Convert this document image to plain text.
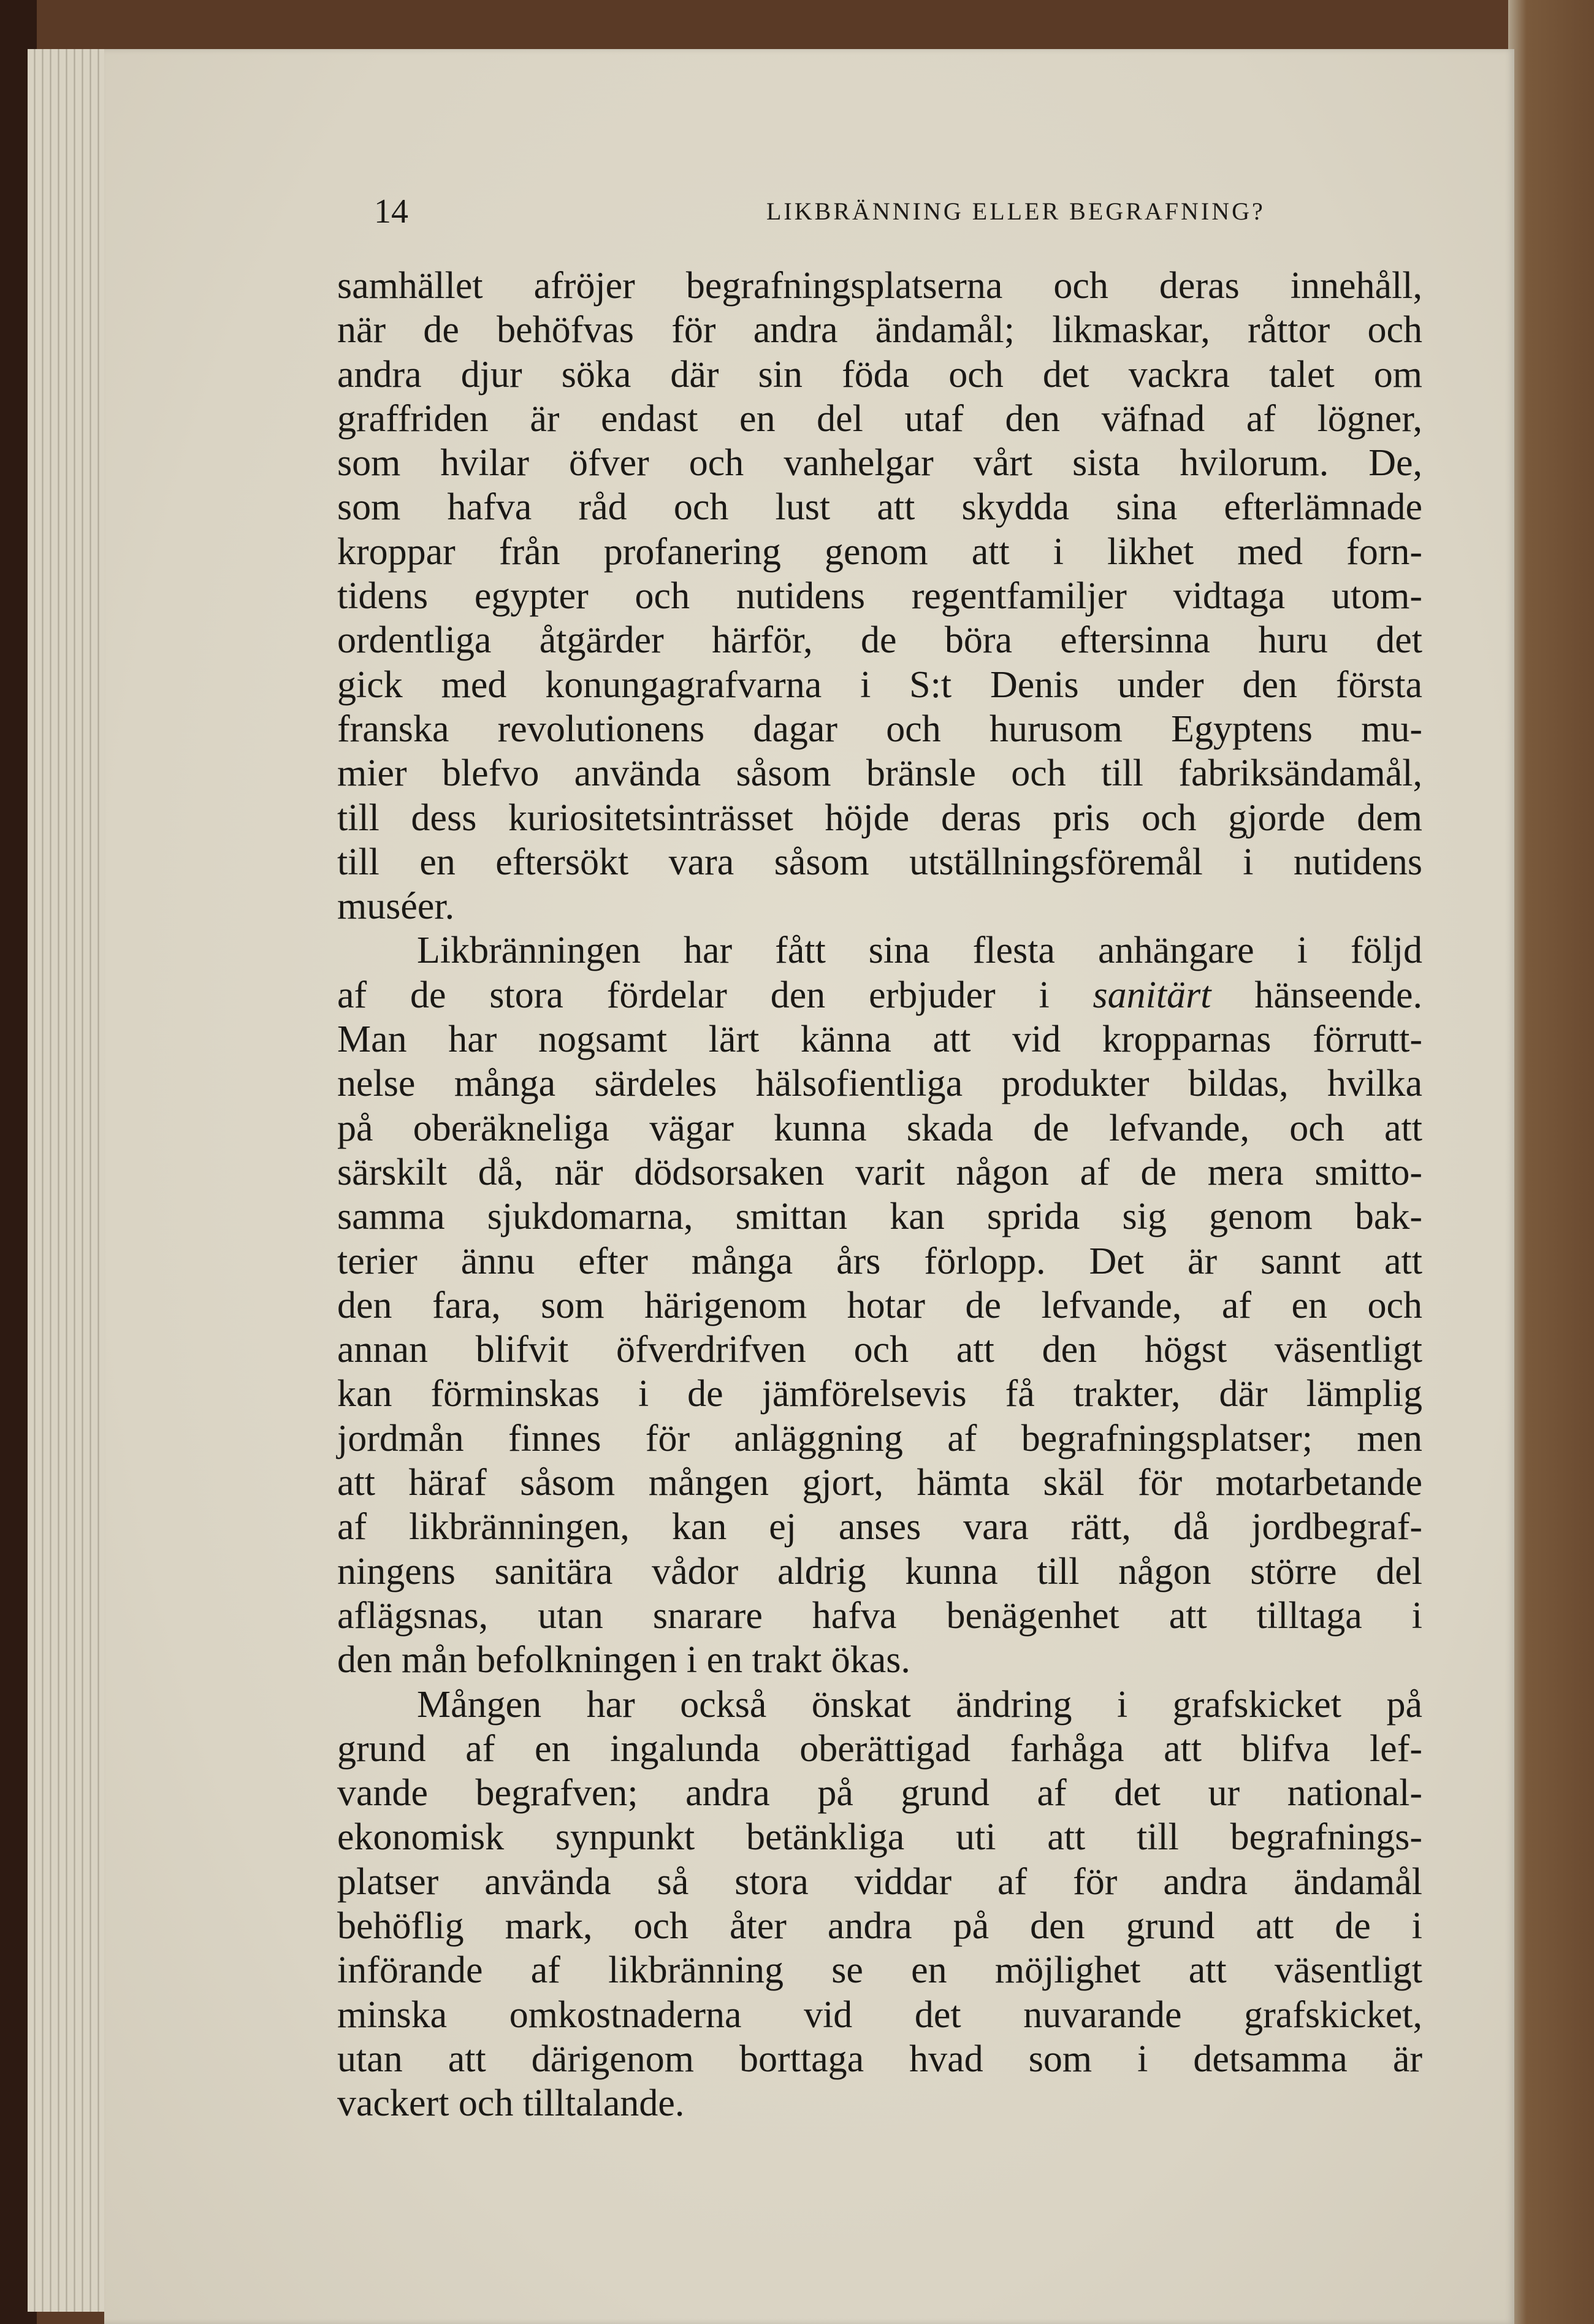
14	LIKBRÄNNING ELLER BEGRAFNING?

samhället afröjer begrafningsplatserna och deras innehåll,
när de behöfvas för andra ändamål; likmaskar, råttor och
andra djur söka där sin föda och det vackra talet om
graffriden är endast en del utaf den väfnad af lögner,
som hvilar öfver och vanhelgar vårt sista hvilorum. De,
som hafva råd och lust att skydda sina efterlämnade
kroppar från profanering genom att i likhet med forn-
tidens egypter och nutidens regentfamiljer vidtaga utom-
ordentliga åtgärder härför, de böra eftersinna huru det
gick med konungagrafvarna i S:t Denis under den första
franska revolutionens dagar och hurusom Egyptens mu-
mier blefvo använda såsom bränsle och till fabriksändamål,
till dess kuriositetsinträsset höjde deras pris och gjorde dem
till en eftersökt vara såsom utställningsföremål i nutidens
muséer.

Likbränningen har fått sina flesta anhängare i följd
af de stora fördelar den erbjuder i sanitärt hänseende.
Man har nogsamt lärt känna att vid kropparnas förrutt-
nelse många särdeles hälsofientliga produkter bildas, hvilka
på oberäkneliga vägar kunna skada de lefvande, och att
särskilt då, när dödsorsaken varit någon af de mera smitto-
samma sjukdomarna, smittan kan sprida sig genom bak-
terier ännu efter många års förlopp. Det är sannt att
den fara, som härigenom hotar de lefvande, af en och
annan blifvit öfverdrifven och att den högst väsentligt
kan förminskas i de jämförelsevis få trakter, där lämplig
jordmån finnes för anläggning af begrafningsplatser; men
att häraf såsom mången gjort, hämta skäl för motarbetande
af likbränningen, kan ej anses vara rätt, då jordbegraf-
ningens sanitära vådor aldrig kunna till någon större del
aflägsnas, utan snarare hafva benägenhet att tilltaga i
den mån befolkningen i en trakt ökas.

Mången har också önskat ändring i grafskicket på
grund af en ingalunda oberättigad farhåga att blifva lef-
vande begrafven; andra på grund af det ur national-
ekonomisk synpunkt betänkliga uti att till begrafnings-
platser använda så stora viddar af för andra ändamål
behöflig mark, och åter andra på den grund att de i
införande af likbränning se en möjlighet att väsentligt
minska omkostnaderna vid det nuvarande grafskicket,
utan att därigenom borttaga hvad som i detsamma är
vackert och tilltalande.
